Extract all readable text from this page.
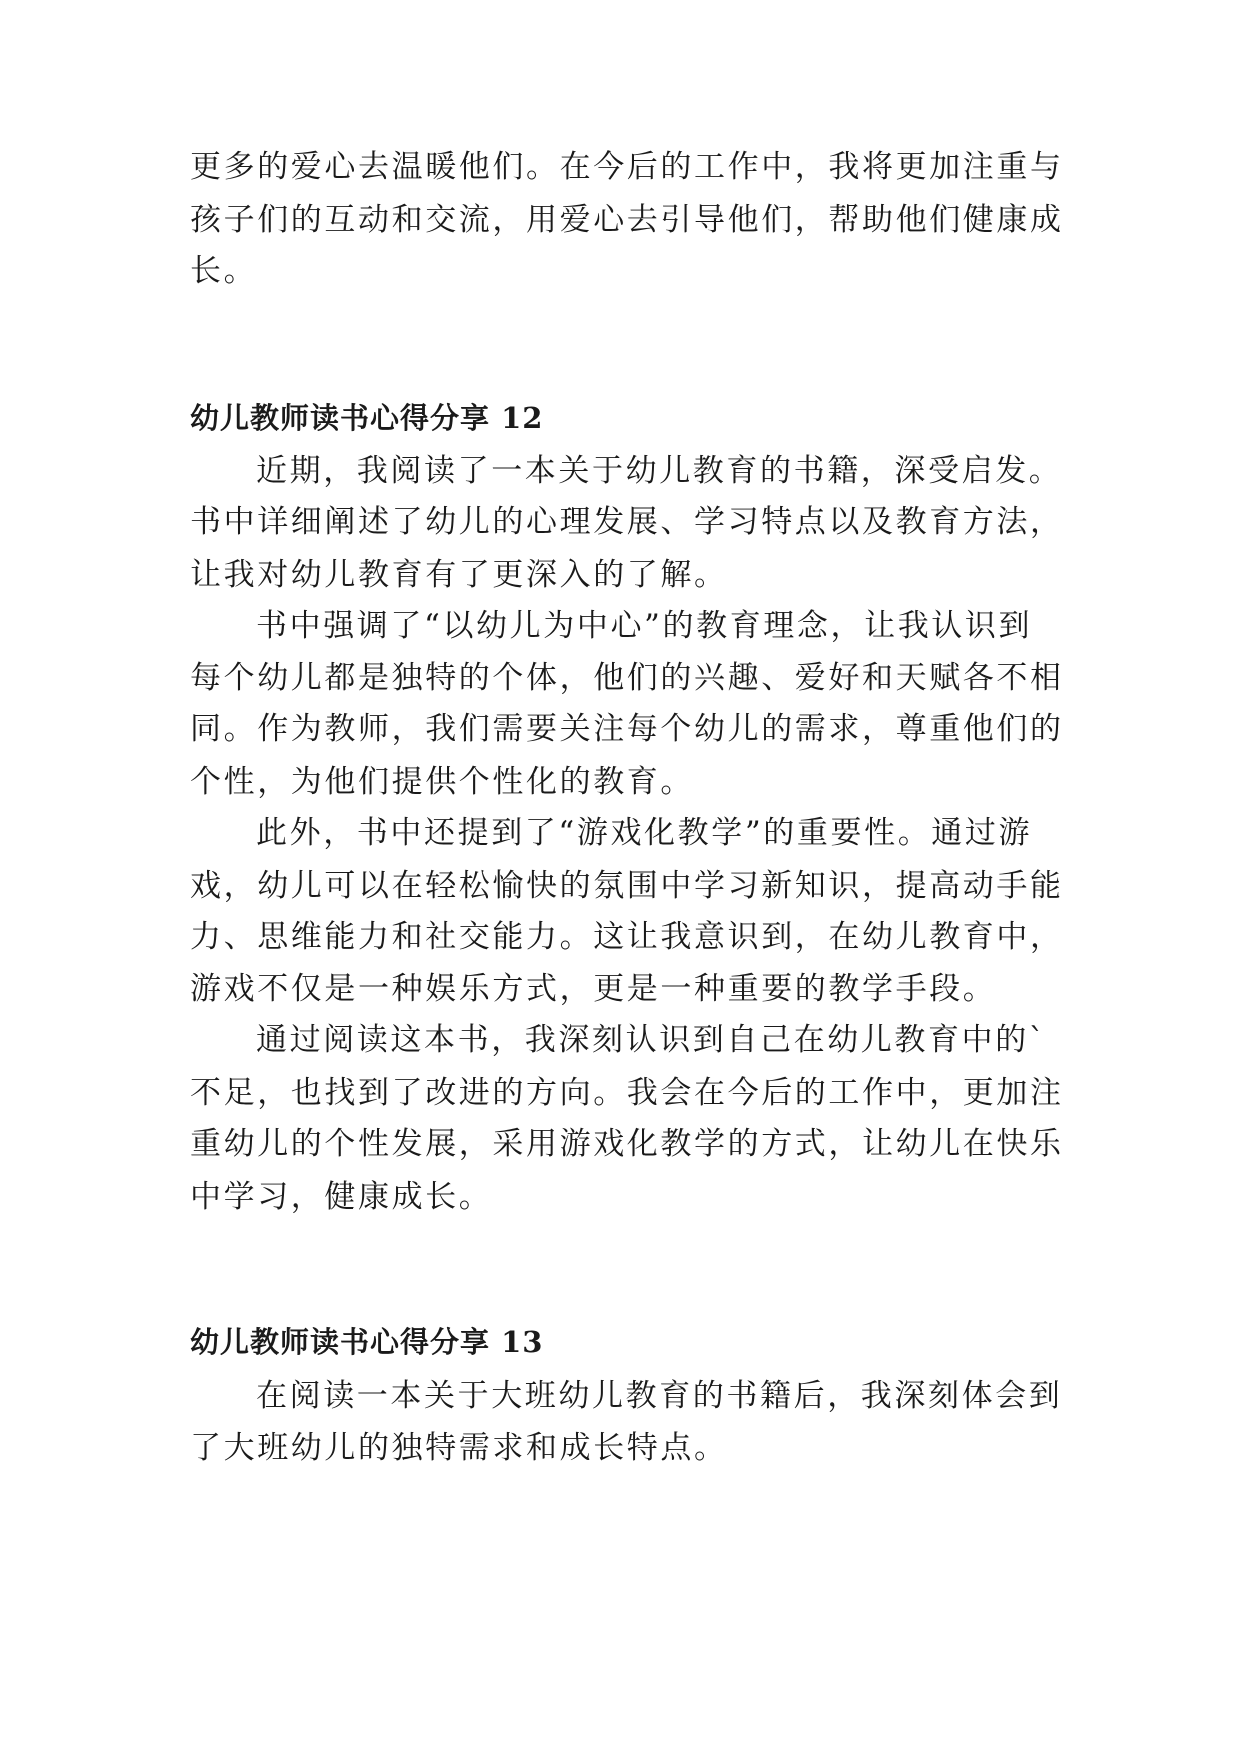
更多的爱心去温暖他们。在今后的工作中，我将更加注重与

孩子们的互动和交流，用爱心去引导他们，帮助他们健康成

长。

幼儿教师读书心得分享 12

近期，我阅读了一本关于幼儿教育的书籍，深受启发。

书中详细阐述了幼儿的心理发展、学习特点以及教育方法，

让我对幼儿教育有了更深入的了解。

书中强调了“以幼儿为中心”的教育理念，让我认识到

每个幼儿都是独特的个体，他们的兴趣、爱好和天赋各不相

同。作为教师，我们需要关注每个幼儿的需求，尊重他们的

个性，为他们提供个性化的教育。

此外，书中还提到了“游戏化教学”的重要性。通过游

戏，幼儿可以在轻松愉快的氛围中学习新知识，提高动手能

力、思维能力和社交能力。这让我意识到，在幼儿教育中，

游戏不仅是一种娱乐方式，更是一种重要的教学手段。

通过阅读这本书，我深刻认识到自己在幼儿教育中的`

不足，也找到了改进的方向。我会在今后的工作中，更加注

重幼儿的个性发展，采用游戏化教学的方式，让幼儿在快乐

中学习，健康成长。

幼儿教师读书心得分享 13

在阅读一本关于大班幼儿教育的书籍后，我深刻体会到

了大班幼儿的独特需求和成长特点。
